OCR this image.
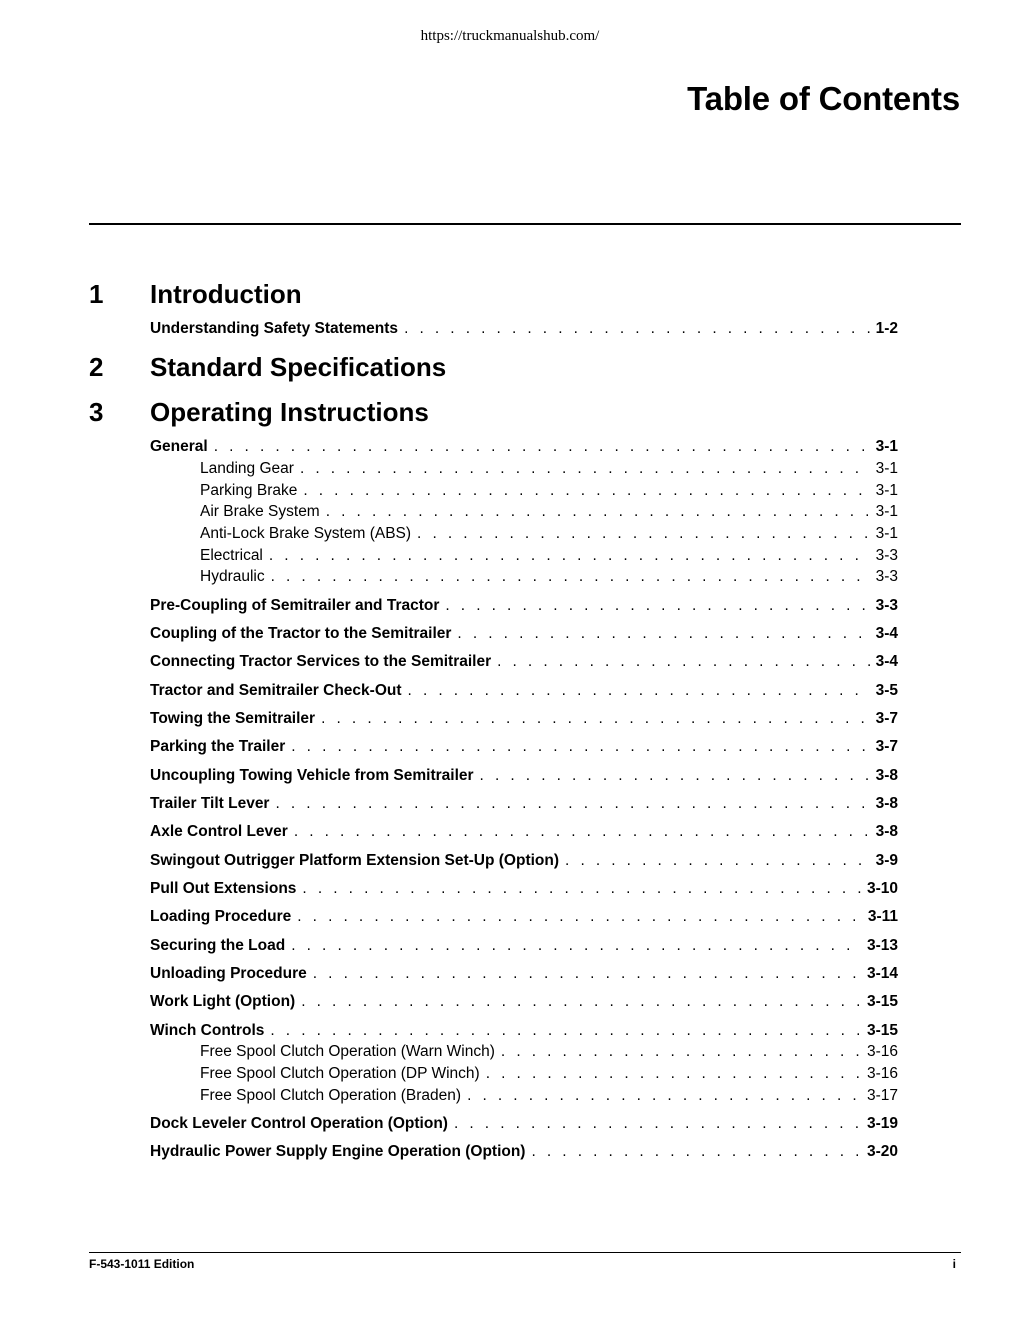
https://truckmanualshub.com/
Table of Contents
1 Introduction
Understanding Safety Statements . . .	1-2
2 Standard Specifications
3 Operating Instructions
General . . .	3-1
Landing Gear . . .	3-1
Parking Brake . . .	3-1
Air Brake System . . .	3-1
Anti-Lock Brake System (ABS) . . .	3-1
Electrical . . .	3-3
Hydraulic . . .	3-3
Pre-Coupling of Semitrailer and Tractor . . .	3-3
Coupling of the Tractor to the Semitrailer . . .	3-4
Connecting Tractor Services to the Semitrailer . . .	3-4
Tractor and Semitrailer Check-Out . . .	3-5
Towing the Semitrailer . . .	3-7
Parking the Trailer . . .	3-7
Uncoupling Towing Vehicle from Semitrailer . . .	3-8
Trailer Tilt Lever . . .	3-8
Axle Control Lever . . .	3-8
Swingout Outrigger Platform Extension Set-Up (Option) . . .	3-9
Pull Out Extensions . . .	3-10
Loading Procedure . . .	3-11
Securing the Load . . .	3-13
Unloading Procedure . . .	3-14
Work Light (Option) . . .	3-15
Winch Controls . . .	3-15
Free Spool Clutch Operation (Warn Winch) . . .	3-16
Free Spool Clutch Operation (DP Winch) . . .	3-16
Free Spool Clutch Operation (Braden) . . .	3-17
Dock Leveler Control Operation (Option) . . .	3-19
Hydraulic Power Supply Engine Operation (Option) . . .	3-20
F-543-1011 Edition	i
